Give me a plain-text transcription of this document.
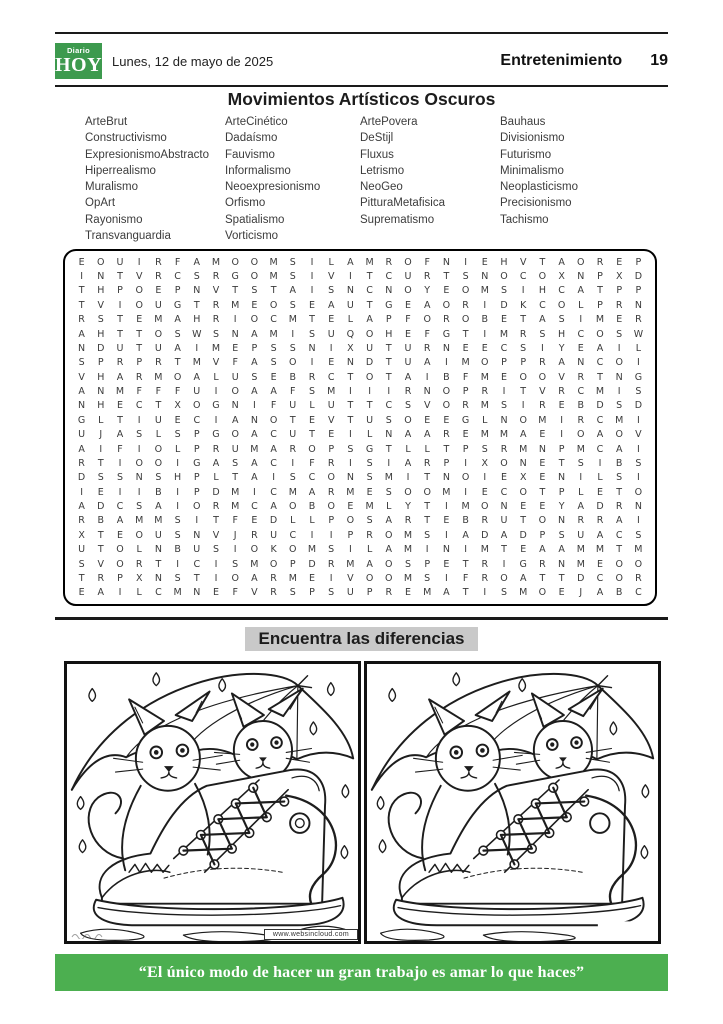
Diario
HOY Lunes, 12 de mayo de 2025	Entretenimiento 19
Movimientos Artísticos Oscuros
ArteBrut
Constructivismo
ExpresionismoAbstracto
Hiperrealismo
Muralismo
OpArt
Rayonismo
Transvanguardia
ArteCinético
Dadaísmo
Fauvismo
Informalismo
Neoexpresionismo
Orfismo
Spatialismo
Vorticismo
ArtePovera
DeStijl
Fluxus
Letrismo
NeoGeo
PitturaMetafisica
Suprematismo
Bauhaus
Divisionismo
Futurismo
Minimalismo
Neoplasticismo
Precisionismo
Tachismo
E	O	U	I	R	F	A	M	O	O	M	S	I	L	A	M	R	O	F	N	I	E	H	V	T	A	O	R	E	P
I	N	T	V	R	C	S	R	G	O	M	S	I	V	I	T	C	U	R	T	S	N	O	C	O	X	N	P	X	D
T	H	P	O	E	P	N	V	T	S	T	A	I	S	N	C	N	O	Y	E	O	M	S	I	H	C	A	T	P	P
T	V	I	O	U	G	T	R	M	E	O	S	E	A	U	T	G	E	A	O	R	I	D	K	C	O	L	P	R	N
R	S	T	E	M	A	H	R	I	O	C	M	T	E	L	A	P	F	O	R	O	B	E	T	A	S	I	M	E	R
A	H	T	T	O	S	W	S	N	A	M	I	S	U	Q	O	H	E	F	G	T	I	M	R	S	H	C	O	S	W
N	D	U	T	U	A	I	M	E	P	S	S	N	I	X	U	T	U	R	N	E	E	C	S	I	Y	E	A	I	L
S	P	R	P	R	T	M	V	F	A	S	O	I	E	N	D	T	U	A	I	M	O	P	P	R	A	N	C	O	I
V	H	A	R	M	O	A	L	U	S	E	B	R	C	T	O	T	A	I	B	F	M	E	O	O	V	R	T	N	G
A	N	M	F	F	F	U	I	O	A	A	F	S	M	I	I	I	R	N	O	P	R	I	T	V	R	C	M	I	S
N	H	E	C	T	X	O	G	N	I	F	U	L	U	T	T	C	S	V	O	R	M	S	I	R	E	B	D	S	D
G	L	T	I	U	E	C	I	A	N	O	T	E	V	T	U	S	O	E	E	G	L	N	O	M	I	R	C	M	I
U	J	A	S	L	S	P	G	O	A	C	U	T	E	I	L	N	A	A	R	E	M	M	A	E	I	O	A	O	V
A	I	F	I	O	L	P	R	U	M	A	R	O	P	S	G	T	L	L	T	P	S	R	M	N	P	M	C	A	I
R	T	I	O	O	I	G	A	S	A	C	I	F	R	I	S	I	A	R	P	I	X	O	N	E	T	S	I	B	S
D	S	S	N	S	H	P	L	T	A	I	S	C	O	N	S	M	I	T	N	O	I	E	X	E	N	I	L	S	I
I	E	I	I	B	I	P	D	M	I	C	M	A	R	M	E	S	O	O	M	I	E	C	O	T	P	L	E	T	O
A	D	C	S	A	I	O	R	M	C	A	O	B	O	E	M	L	Y	T	I	M	O	N	E	E	Y	A	D	R	N
R	B	A	M	M	S	I	T	F	E	D	L	L	P	O	S	A	R	T	E	B	R	U	T	O	N	R	R	A	I
X	T	E	O	U	S	N	V	J	R	U	C	I	I	P	R	O	M	S	I	A	D	A	D	P	S	U	A	C	S
U	T	O	L	N	B	U	S	I	O	K	O	M	S	I	L	A	M	I	N	I	M	T	E	A	A	M	M	T	M
S	V	O	R	T	I	C	I	S	M	O	P	D	R	M	A	O	S	P	E	T	R	I	G	R	N	M	E	O	O
T	R	P	X	N	S	T	I	O	A	R	M	E	I	V	O	O	M	S	I	F	R	O	A	T	T	D	C	O	R
E	A	I	L	C	M	N	E	F	V	R	S	P	S	U	P	R	E	M	A	T	I	S	M	O	E	J	A	B	C
Encuentra las diferencias
www.websincloud.com
“El único modo de hacer un gran trabajo es amar lo que haces”
